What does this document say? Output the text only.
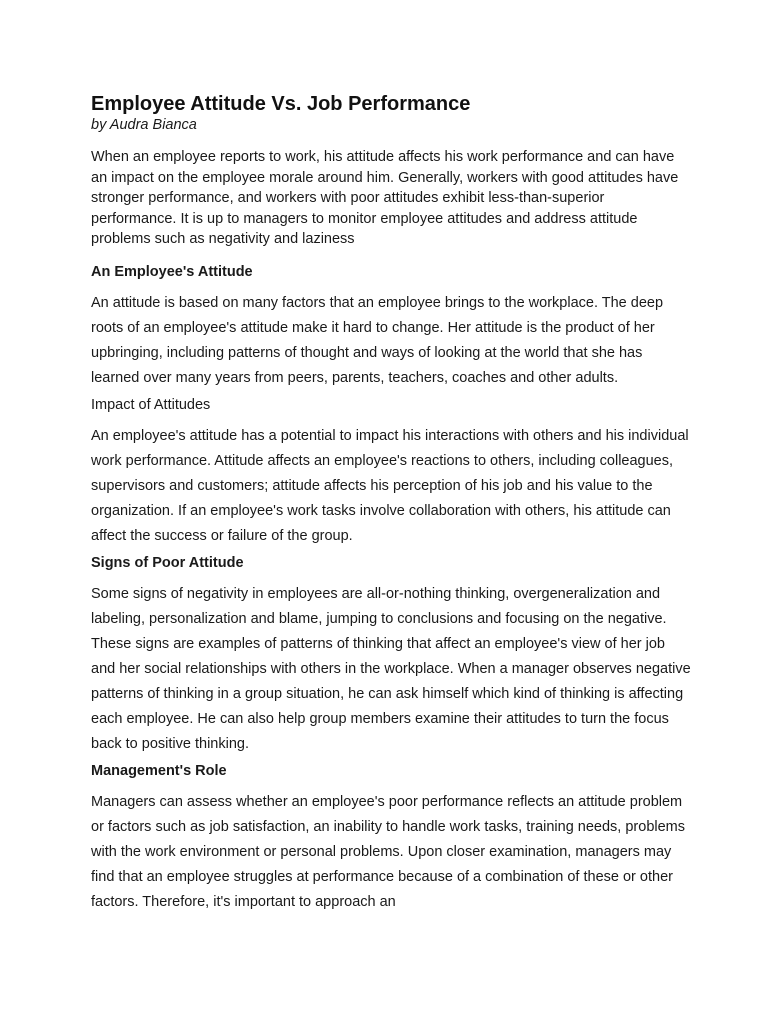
Employee Attitude Vs. Job Performance

by Audra Bianca

When an employee reports to work, his attitude affects his work performance and can have an impact on the employee morale around him. Generally, workers with good attitudes have stronger performance, and workers with poor attitudes exhibit less-than-superior performance. It is up to managers to monitor employee attitudes and address attitude problems such as negativity and laziness

An Employee's Attitude

An attitude is based on many factors that an employee brings to the workplace. The deep roots of an employee's attitude make it hard to change. Her attitude is the product of her upbringing, including patterns of thought and ways of looking at the world that she has learned over many years from peers, parents, teachers, coaches and other adults.

Impact of Attitudes

An employee's attitude has a potential to impact his interactions with others and his individual work performance. Attitude affects an employee's reactions to others, including colleagues, supervisors and customers; attitude affects his perception of his job and his value to the organization. If an employee's work tasks involve collaboration with others, his attitude can affect the success or failure of the group.

Signs of Poor Attitude

Some signs of negativity in employees are all-or-nothing thinking, overgeneralization and labeling, personalization and blame, jumping to conclusions and focusing on the negative. These signs are examples of patterns of thinking that affect an employee's view of her job and her social relationships with others in the workplace. When a manager observes negative patterns of thinking in a group situation, he can ask himself which kind of thinking is affecting each employee. He can also help group members examine their attitudes to turn the focus back to positive thinking.

Management's Role

Managers can assess whether an employee's poor performance reflects an attitude problem or factors such as job satisfaction, an inability to handle work tasks, training needs, problems with the work environment or personal problems. Upon closer examination, managers may find that an employee struggles at performance because of a combination of these or other factors. Therefore, it's important to approach an
